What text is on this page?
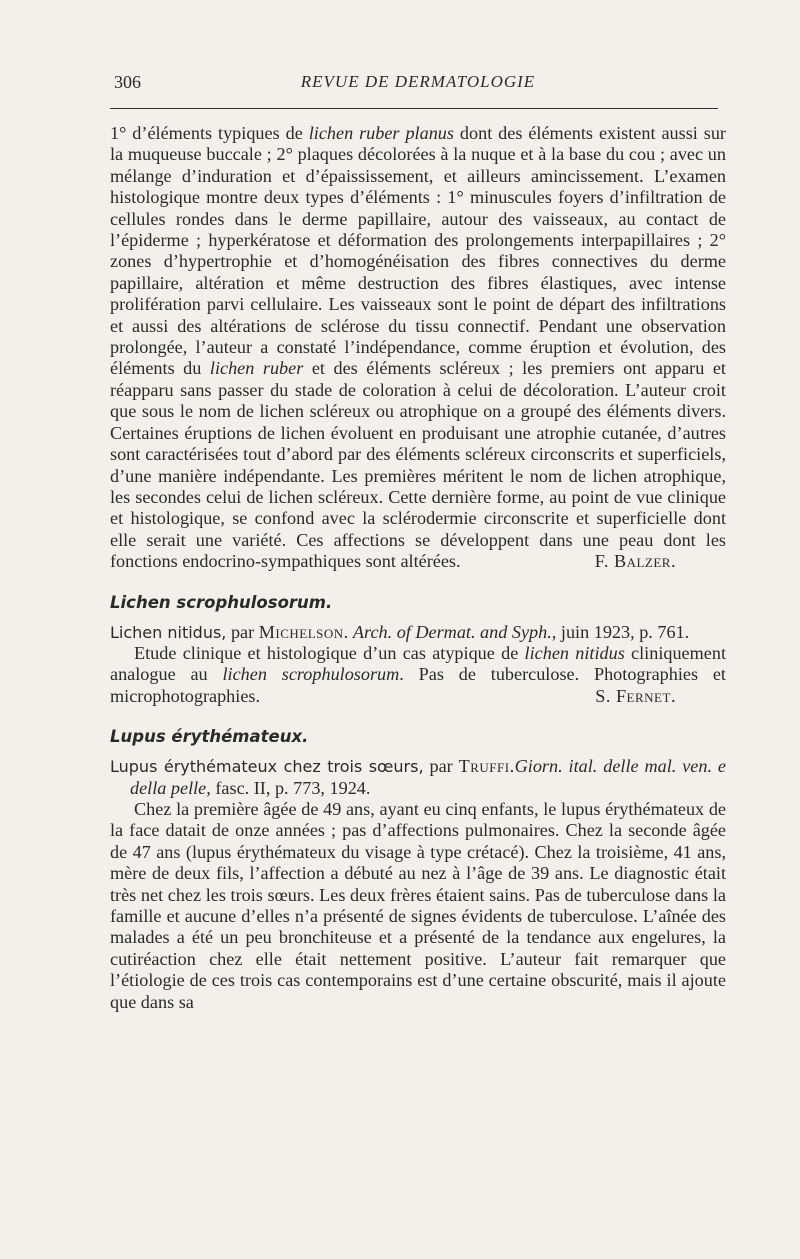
306	REVUE DE DERMATOLOGIE

1° d’éléments typiques de lichen ruber planus dont des éléments existent aussi sur la muqueuse buccale ; 2° plaques décolorées à la nuque et à la base du cou ; avec un mélange d’induration et d’épaississement, et ailleurs amincissement. L’examen histologique montre deux types d’éléments : 1° minuscules foyers d’infiltration de cellules rondes dans le derme papillaire, autour des vaisseaux, au contact de l’épiderme ; hyperkératose et déformation des prolongements interpapillaires ; 2° zones d’hypertrophie et d’homogénéisation des fibres connectives du derme papillaire, altération et même destruction des fibres élastiques, avec intense prolifération parvi cellulaire. Les vaisseaux sont le point de départ des infiltrations et aussi des altérations de sclérose du tissu connectif. Pendant une observation prolongée, l’auteur a constaté l’indépendance, comme éruption et évolution, des éléments du lichen ruber et des éléments scléreux ; les premiers ont apparu et réapparu sans passer du stade de coloration à celui de décoloration. L’auteur croit que sous le nom de lichen scléreux ou atrophique on a groupé des éléments divers. Certaines éruptions de lichen évoluent en produisant une atrophie cutanée, d’autres sont caractérisées tout d’abord par des éléments scléreux circonscrits et superficiels, d’une manière indépendante. Les premières méritent le nom de lichen atrophique, les secondes celui de lichen scléreux. Cette dernière forme, au point de vue clinique et histologique, se confond avec la sclérodermie circonscrite et superficielle dont elle serait une variété. Ces affections se développent dans une peau dont les fonctions endocrino-sympathiques sont altérées.	F. Balzer.

Lichen scrophulosorum.

Lichen nitidus, par Michelson. Arch. of Dermat. and Syph., juin 1923, p. 761.

Etude clinique et histologique d’un cas atypique de lichen nitidus cliniquement analogue au lichen scrophulosorum. Pas de tuberculose. Photographies et microphotographies.	S. Fernet.

Lupus érythémateux.

Lupus érythémateux chez trois sœurs, par Truffi.Giorn. ital. delle mal. ven. e della pelle, fasc. II, p. 773, 1924.

Chez la première âgée de 49 ans, ayant eu cinq enfants, le lupus érythémateux de la face datait de onze années ; pas d’affections pulmonaires. Chez la seconde âgée de 47 ans (lupus érythémateux du visage à type crétacé). Chez la troisième, 41 ans, mère de deux fils, l’affection a débuté au nez à l’âge de 39 ans. Le diagnostic était très net chez les trois sœurs. Les deux frères étaient sains. Pas de tuberculose dans la famille et aucune d’elles n’a présenté de signes évidents de tuberculose. L’aînée des malades a été un peu bronchiteuse et a présenté de la tendance aux engelures, la cutiréaction chez elle était nettement positive. L’auteur fait remarquer que l’étiologie de ces trois cas contemporains est d’une certaine obscurité, mais il ajoute que dans sa
